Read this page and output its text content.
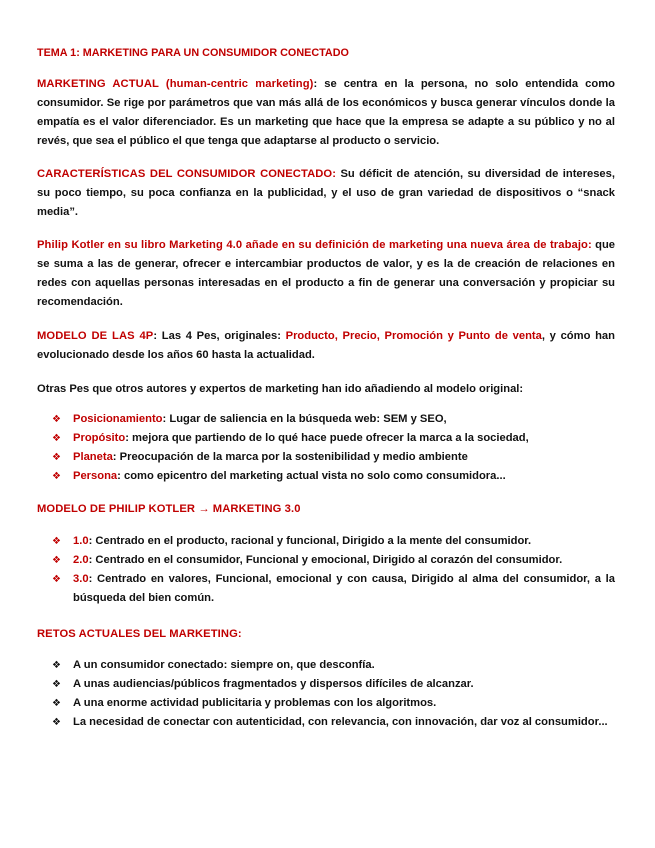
TEMA 1: MARKETING PARA UN CONSUMIDOR CONECTADO

MARKETING ACTUAL (human-centric marketing): se centra en la persona, no solo entendida como consumidor. Se rige por parámetros que van más allá de los económicos y busca generar vínculos donde la empatía es el valor diferenciador. Es un marketing que hace que la empresa se adapte a su público y no al revés, que sea el público el que tenga que adaptarse al producto o servicio.

CARACTERÍSTICAS DEL CONSUMIDOR CONECTADO: Su déficit de atención, su diversidad de intereses, su poco tiempo, su poca confianza en la publicidad, y el uso de gran variedad de dispositivos o “snack media”.

Philip Kotler en su libro Marketing 4.0 añade en su definición de marketing una nueva área de trabajo: que se suma a las de generar, ofrecer e intercambiar productos de valor, y es la de creación de relaciones en redes con aquellas personas interesadas en el producto a fin de generar una conversación y propiciar su recomendación.

MODELO DE LAS 4P: Las 4 Pes, originales: Producto, Precio, Promoción y Punto de venta, y cómo han evolucionado desde los años 60 hasta la actualidad.

Otras Pes que otros autores y expertos de marketing han ido añadiendo al modelo original:

❖ Posicionamiento: Lugar de saliencia en la búsqueda web: SEM y SEO,
❖ Propósito: mejora que partiendo de lo qué hace puede ofrecer la marca a la sociedad,
❖ Planeta: Preocupación de la marca por la sostenibilidad y medio ambiente
❖ Persona: como epicentro del marketing actual vista no solo como consumidora...

MODELO DE PHILIP KOTLER → MARKETING 3.0

❖ 1.0: Centrado en el producto, racional y funcional, Dirigido a la mente del consumidor.
❖ 2.0: Centrado en el consumidor, Funcional y emocional, Dirigido al corazón del consumidor.
❖ 3.0: Centrado en valores, Funcional, emocional y con causa, Dirigido al alma del consumidor, a la búsqueda del bien común.

RETOS ACTUALES DEL MARKETING:

❖ A un consumidor conectado: siempre on, que desconfía.
❖ A unas audiencias/públicos fragmentados y dispersos difíciles de alcanzar.
❖ A una enorme actividad publicitaria y problemas con los algoritmos.
❖ La necesidad de conectar con autenticidad, con relevancia, con innovación, dar voz al consumidor...
